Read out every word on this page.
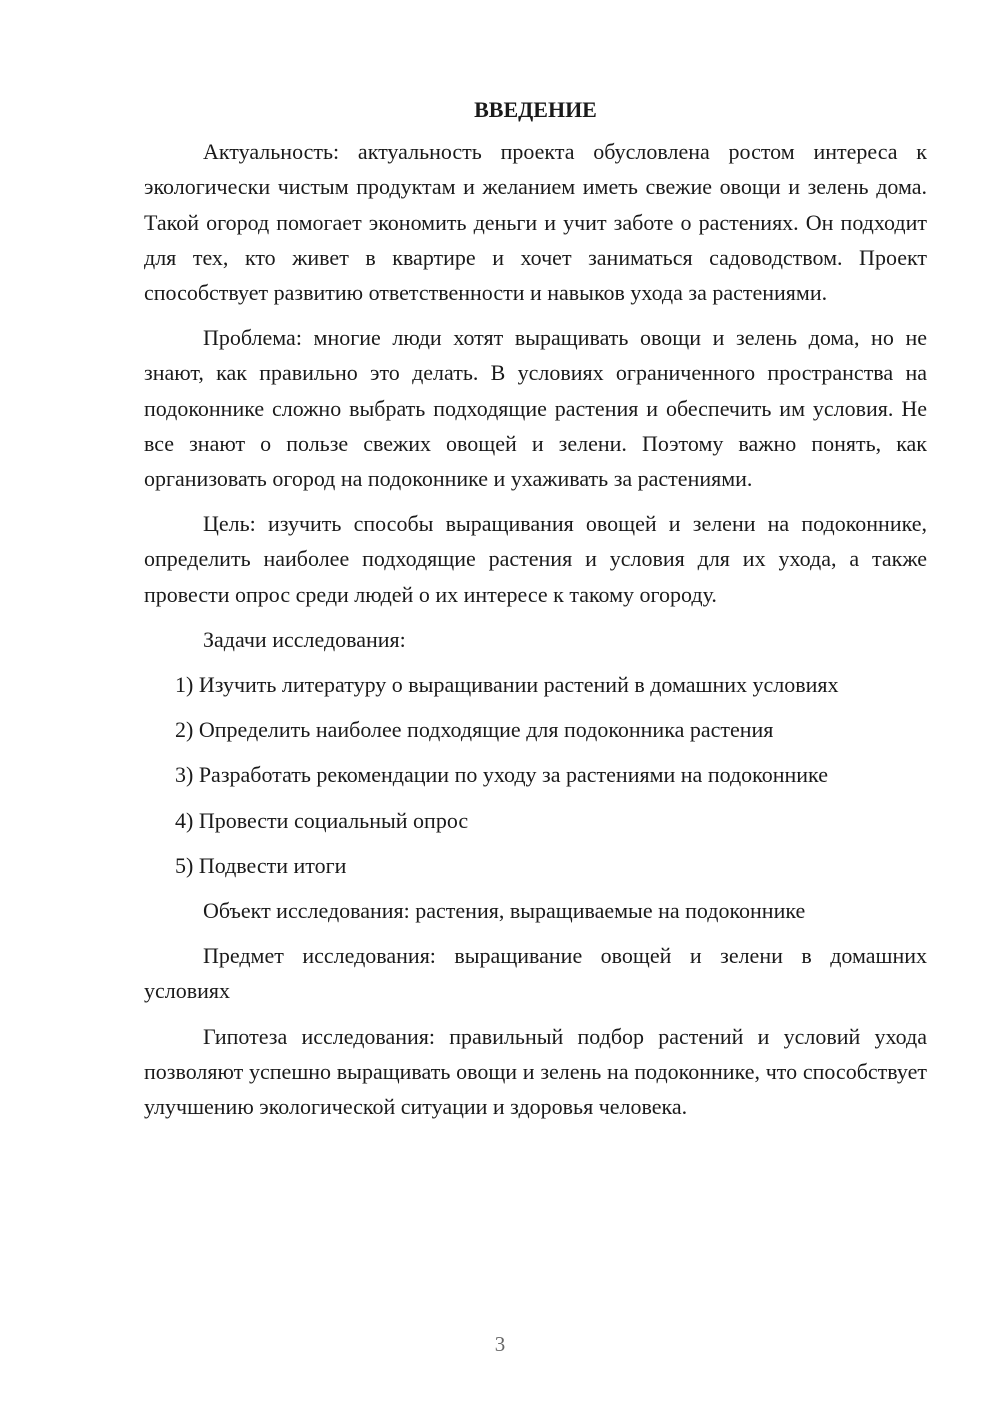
ВВЕДЕНИЕ

Актуальность: актуальность проекта обусловлена ростом интереса к экологически чистым продуктам и желанием иметь свежие овощи и зелень дома. Такой огород помогает экономить деньги и учит заботе о растениях. Он подходит для тех, кто живет в квартире и хочет заниматься садоводством. Проект способствует развитию ответственности и навыков ухода за растениями.

Проблема: многие люди хотят выращивать овощи и зелень дома, но не знают, как правильно это делать. В условиях ограниченного пространства на подоконнике сложно выбрать подходящие растения и обеспечить им условия. Не все знают о пользе свежих овощей и зелени. Поэтому важно понять, как организовать огород на подоконнике и ухаживать за растениями.

Цель: изучить способы выращивания овощей и зелени на подоконнике, определить наиболее подходящие растения и условия для их ухода, а также провести опрос среди людей о их интересе к такому огороду.

Задачи исследования:

1) Изучить литературу о выращивании растений в домашних условиях

2) Определить наиболее подходящие для подоконника растения

3) Разработать рекомендации по уходу за растениями на подоконнике

4) Провести социальный опрос

5) Подвести итоги

Объект исследования: растения, выращиваемые на подоконнике

Предмет исследования: выращивание овощей и зелени в домашних условиях

Гипотеза исследования: правильный подбор растений и условий ухода позволяют успешно выращивать овощи и зелень на подоконнике, что способствует улучшению экологической ситуации и здоровья человека.

3
